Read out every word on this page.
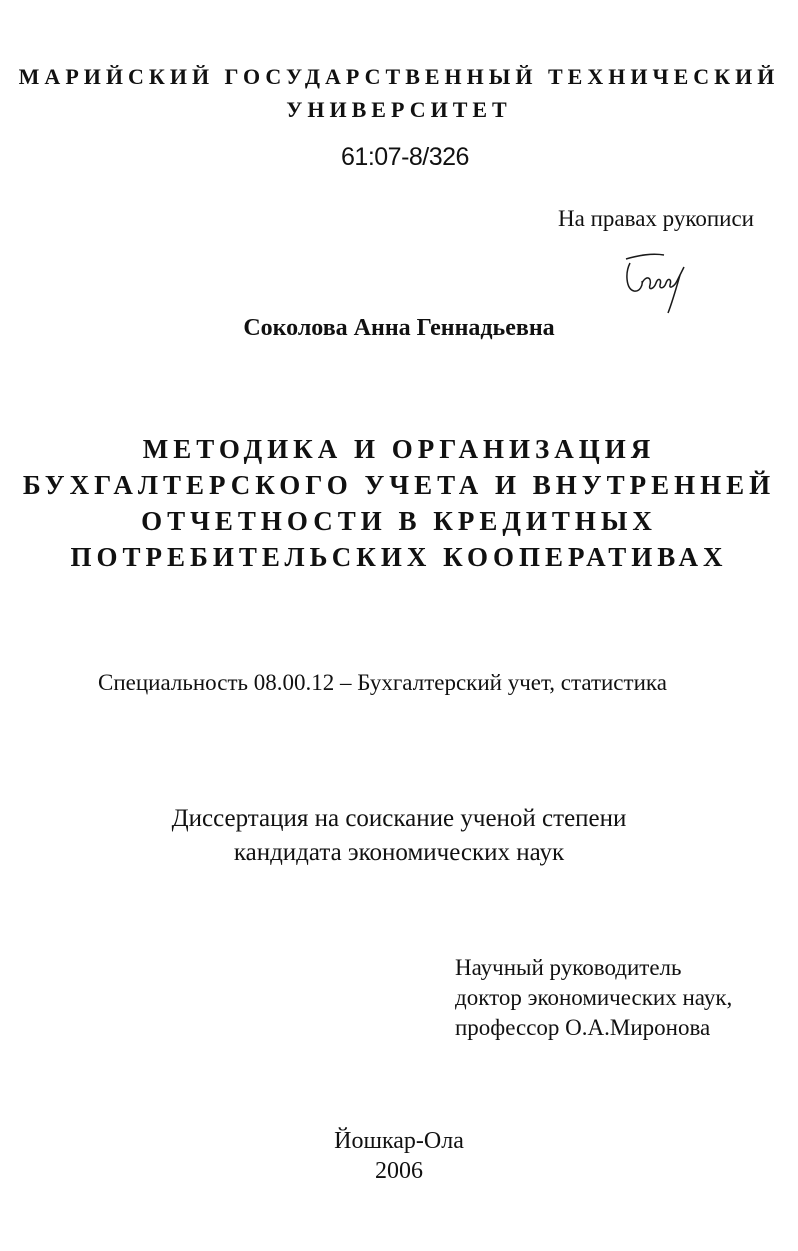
МАРИЙСКИЙ ГОСУДАРСТВЕННЫЙ ТЕХНИЧЕСКИЙ
УНИВЕРСИТЕТ
61:07-8/326
На правах рукописи
Соколова Анна Геннадьевна
МЕТОДИКА И ОРГАНИЗАЦИЯ
БУХГАЛТЕРСКОГО УЧЕТА И ВНУТРЕННЕЙ
ОТЧЕТНОСТИ В КРЕДИТНЫХ
ПОТРЕБИТЕЛЬСКИХ КООПЕРАТИВАХ
Специальность 08.00.12 – Бухгалтерский учет, статистика
Диссертация на соискание ученой степени
кандидата экономических наук
Научный руководитель
доктор экономических наук,
профессор О.А.Миронова
Йошкар-Ола
2006
